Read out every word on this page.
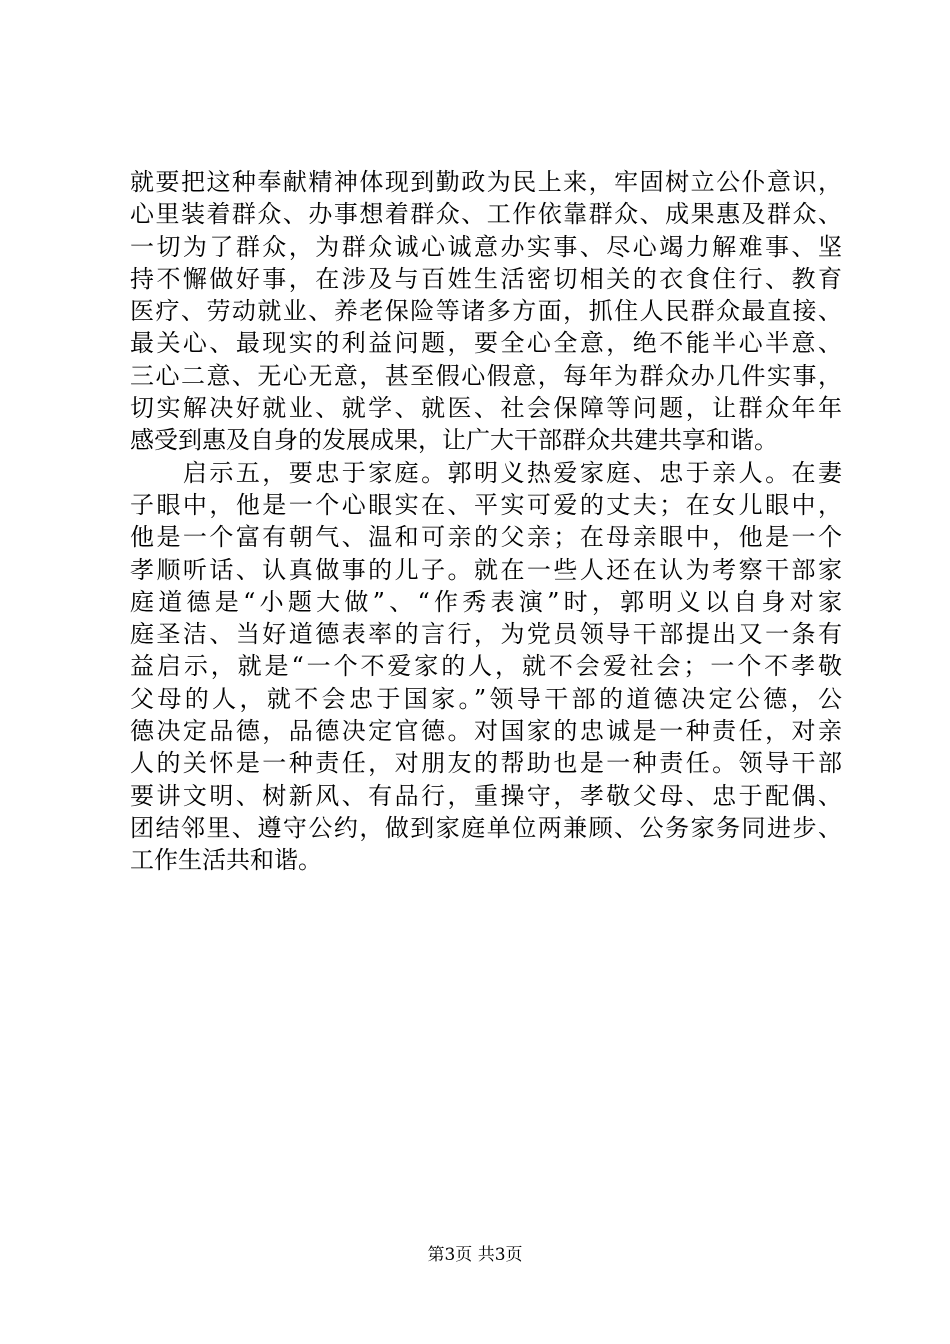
就要把这种奉献精神体现到勤政为民上来，牢固树立公仆意识，
心里装着群众、办事想着群众、工作依靠群众、成果惠及群众、
一切为了群众，为群众诚心诚意办实事、尽心竭力解难事、坚
持不懈做好事，在涉及与百姓生活密切相关的衣食住行、教育
医疗、劳动就业、养老保险等诸多方面，抓住人民群众最直接、
最关心、最现实的利益问题，要全心全意，绝不能半心半意、
三心二意、无心无意，甚至假心假意，每年为群众办几件实事，
切实解决好就业、就学、就医、社会保障等问题，让群众年年
感受到惠及自身的发展成果，让广大干部群众共建共享和谐。
　　启示五，要忠于家庭。郭明义热爱家庭、忠于亲人。在妻
子眼中，他是一个心眼实在、平实可爱的丈夫；在女儿眼中，
他是一个富有朝气、温和可亲的父亲；在母亲眼中，他是一个
孝顺听话、认真做事的儿子。就在一些人还在认为考察干部家
庭道德是“小题大做”、“作秀表演”时，郭明义以自身对家
庭圣洁、当好道德表率的言行，为党员领导干部提出又一条有
益启示，就是“一个不爱家的人，就不会爱社会；一个不孝敬
父母的人，就不会忠于国家。”领导干部的道德决定公德，公
德决定品德，品德决定官德。对国家的忠诚是一种责任，对亲
人的关怀是一种责任，对朋友的帮助也是一种责任。领导干部
要讲文明、树新风、有品行，重操守，孝敬父母、忠于配偶、
团结邻里、遵守公约，做到家庭单位两兼顾、公务家务同进步、
工作生活共和谐。
第3页 共3页
